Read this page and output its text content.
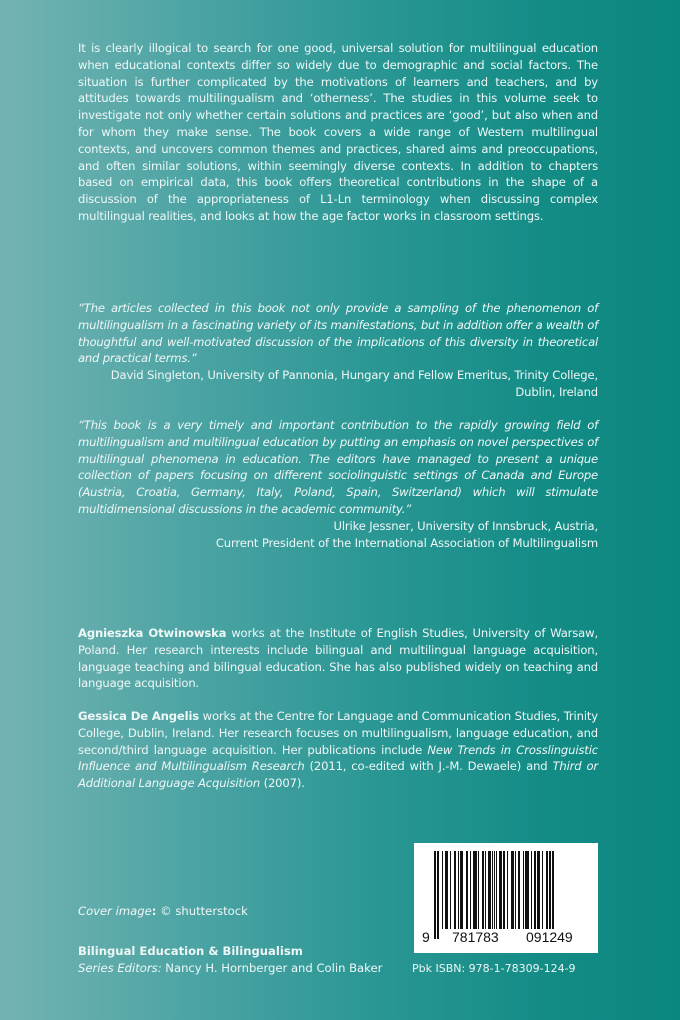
It is clearly illogical to search for one good, universal solution for multilingual education when educational contexts differ so widely due to demographic and social factors. The situation is further complicated by the motivations of learners and teachers, and by attitudes towards multilingualism and ‘otherness’. The studies in this volume seek to investigate not only whether certain solutions and practices are ‘good’, but also when and for whom they make sense. The book covers a wide range of Western multilingual contexts, and uncovers common themes and practices, shared aims and preoccupations, and often similar solutions, within seemingly diverse contexts. In addition to chapters based on empirical data, this book offers theoretical contributions in the shape of a discussion of the appropriateness of L1-Ln terminology when discussing complex multilingual realities, and looks at how the age factor works in classroom settings.

“The articles collected in this book not only provide a sampling of the phenomenon of multilingualism in a fascinating variety of its manifestations, but in addition offer a wealth of thoughtful and well-motivated discussion of the implications of this diversity in theoretical and practical terms.”
David Singleton, University of Pannonia, Hungary and Fellow Emeritus, Trinity College,
Dublin, Ireland
“This book is a very timely and important contribution to the rapidly growing field of multilingualism and multilingual education by putting an emphasis on novel perspectives of multilingual phenomena in education. The editors have managed to present a unique collection of papers focusing on different sociolinguistic settings of Canada and Europe (Austria, Croatia, Germany, Italy, Poland, Spain, Switzerland) which will stimulate multidimensional discussions in the academic community.”
Ulrike Jessner, University of Innsbruck, Austria,
Current President of the International Association of Multilingualism

Agnieszka Otwinowska works at the Institute of English Studies, University of Warsaw, Poland. Her research interests include bilingual and multilingual language acquisition, language teaching and bilingual education. She has also published widely on teaching and language acquisition.

Gessica De Angelis works at the Centre for Language and Communication Studies, Trinity College, Dublin, Ireland. Her research focuses on multilingualism, language education, and second/third language acquisition. Her publications include New Trends in Crosslinguistic Influence and Multilingualism Research (2011, co-edited with J.-M. Dewaele) and Third or Additional Language Acquisition (2007).

Cover image: © shutterstock
Bilingual Education & Bilingualism
Series Editors: Nancy H. Hornberger and Colin Baker
9 781783 091249
Pbk ISBN: 978-1-78309-124-9
